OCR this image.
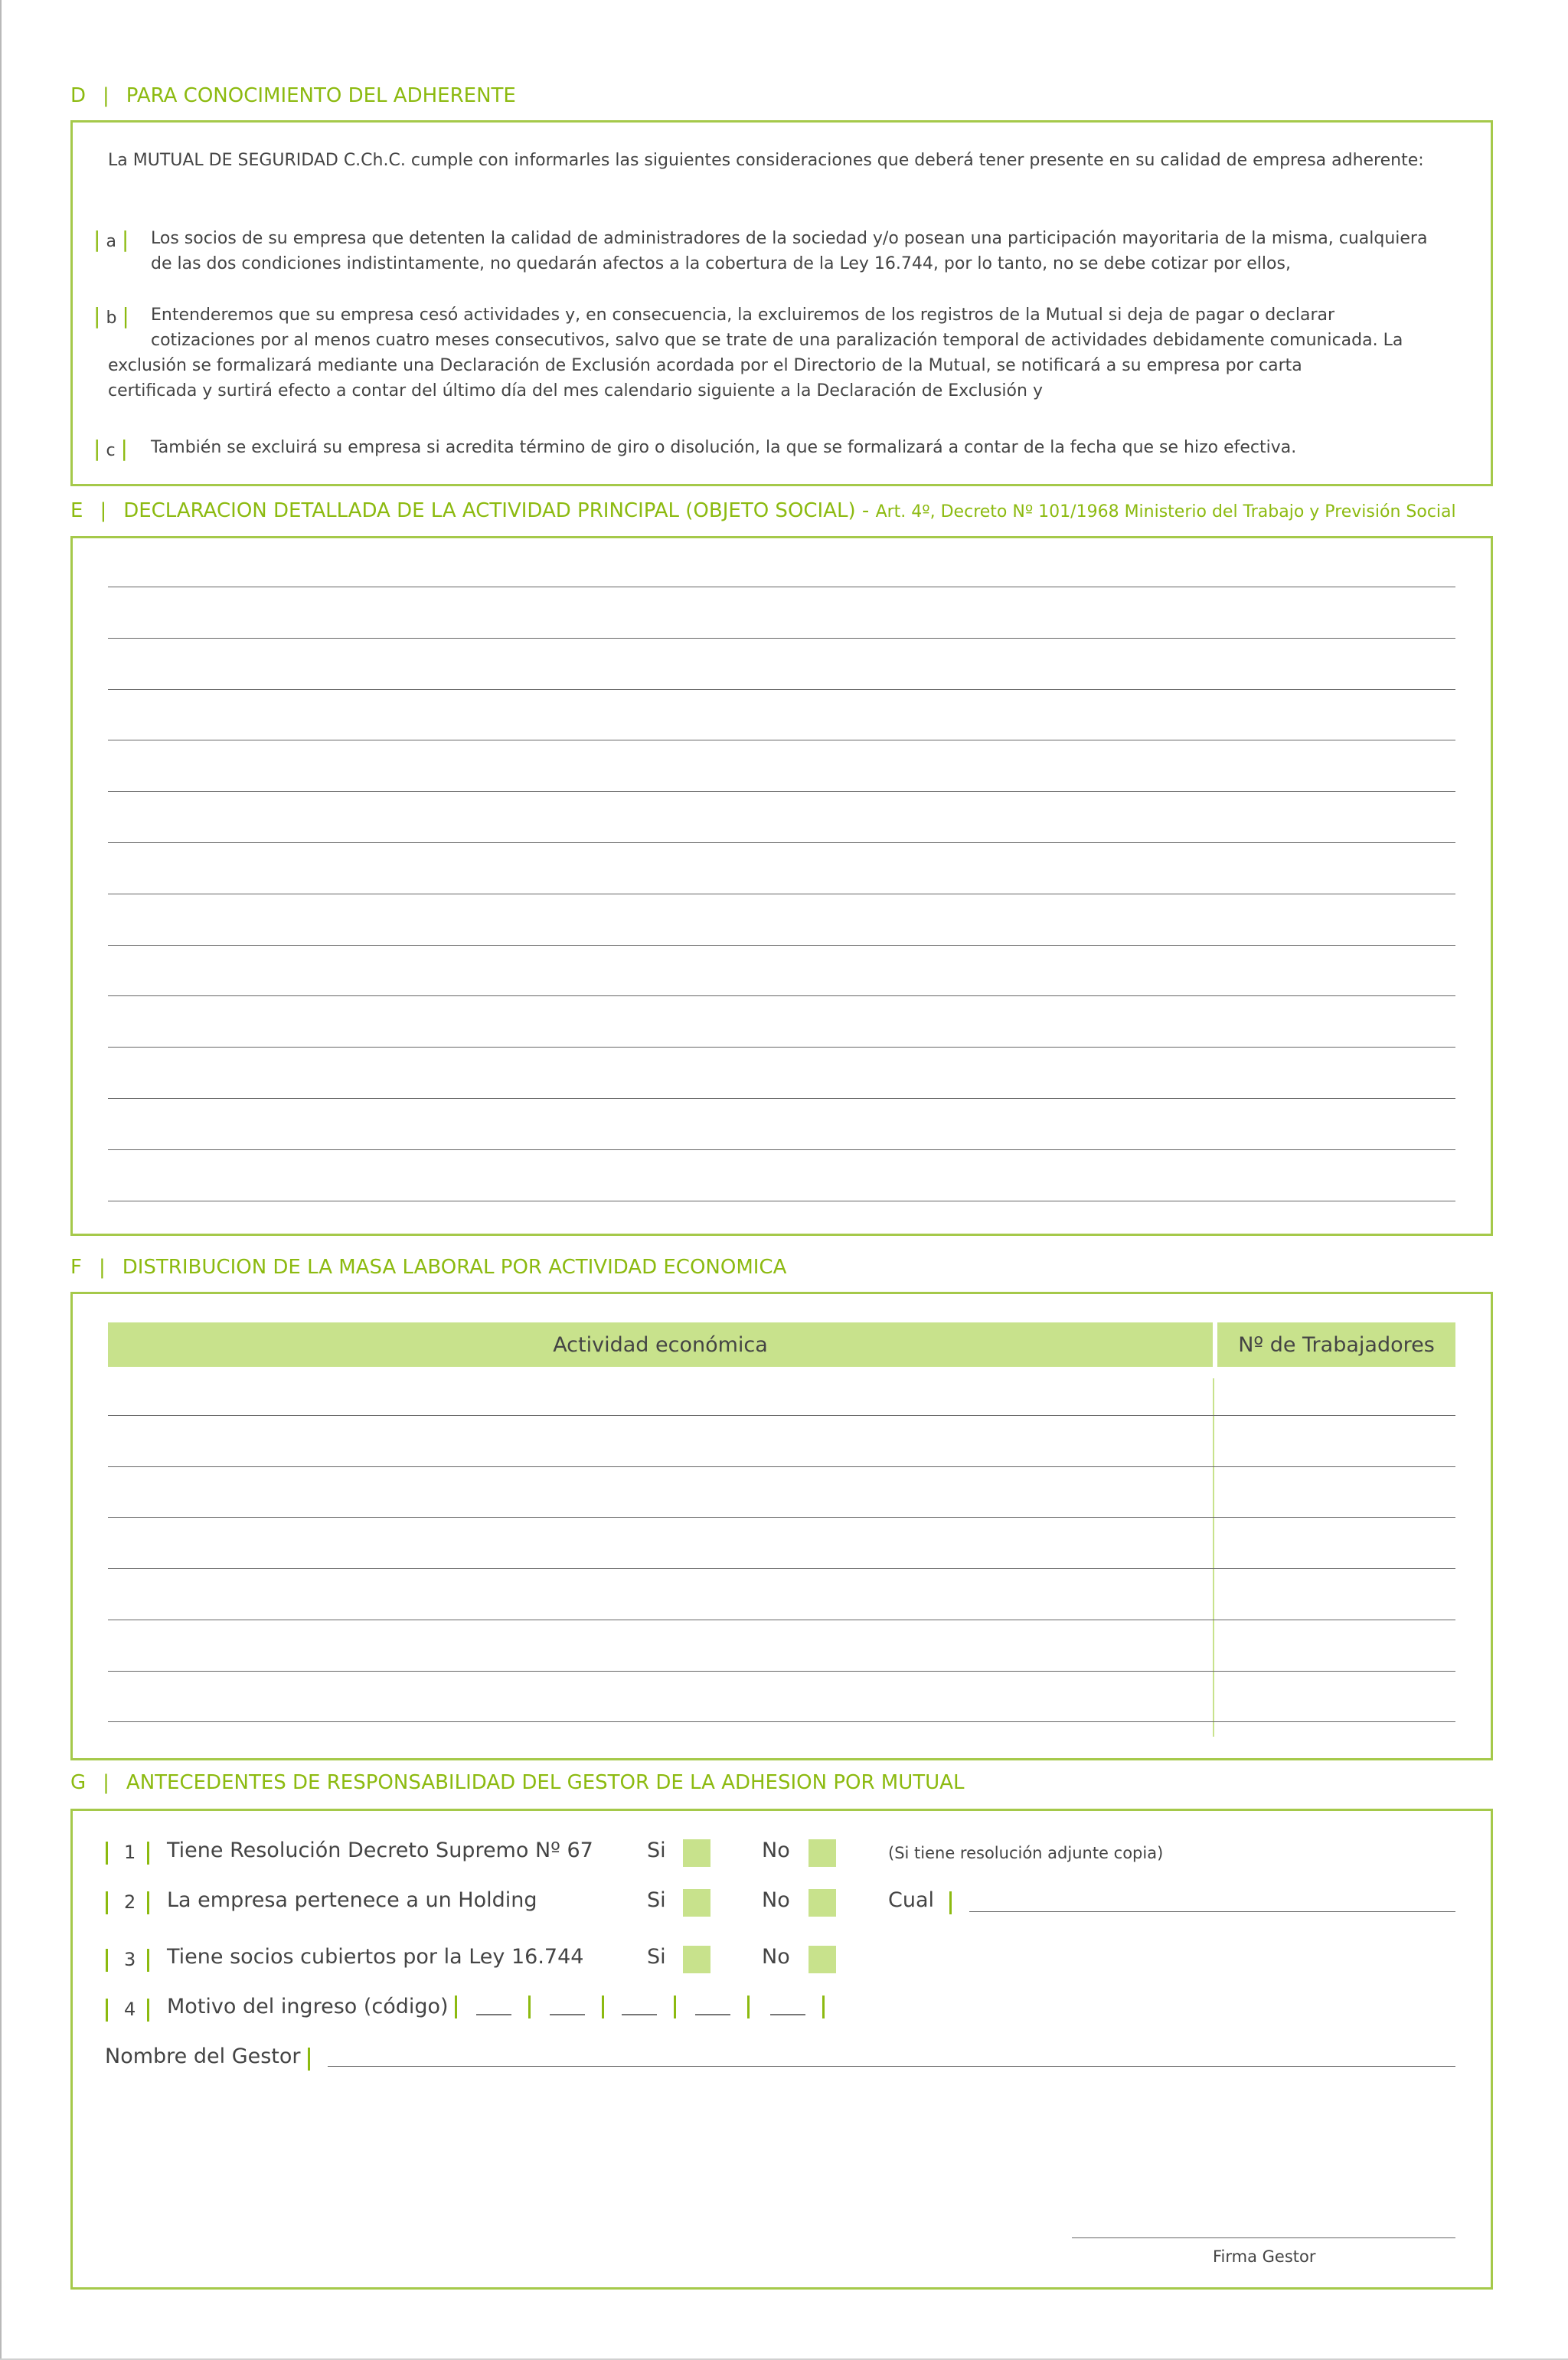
D | PARA CONOCIMIENTO DEL ADHERENTE
La MUTUAL DE SEGURIDAD C.Ch.C. cumple con informarles las siguientes consideraciones que deberá tener presente en su calidad de empresa adherente:
| a | Los socios de su empresa que detenten la calidad de administradores de la sociedad y/o posean una participación mayoritaria de la misma, cualquiera
de las dos condiciones indistintamente, no quedarán afectos a la cobertura de la Ley 16.744, por lo tanto, no se debe cotizar por ellos,
| b | Entenderemos que su empresa cesó actividades y, en consecuencia, la excluiremos de los registros de la Mutual si deja de pagar o declarar
cotizaciones por al menos cuatro meses consecutivos, salvo que se trate de una paralización temporal de actividades debidamente comunicada. La
exclusión se formalizará mediante una Declaración de Exclusión acordada por el Directorio de la Mutual, se notificará a su empresa por carta
certificada y surtirá efecto a contar del último día del mes calendario siguiente a la Declaración de Exclusión y
| c | También se excluirá su empresa si acredita término de giro o disolución, la que se formalizará a contar de la fecha que se hizo efectiva.
E | DECLARACION DETALLADA DE LA ACTIVIDAD PRINCIPAL (OBJETO SOCIAL) - Art. 4º, Decreto Nº 101/1968 Ministerio del Trabajo y Previsión Social
F | DISTRIBUCION DE LA MASA LABORAL POR ACTIVIDAD ECONOMICA
Actividad económica	Nº de Trabajadores
G | ANTECEDENTES DE RESPONSABILIDAD DEL GESTOR DE LA ADHESION POR MUTUAL
1 Tiene Resolución Decreto Supremo Nº 67	Si	No	(Si tiene resolución adjunte copia)
2 La empresa pertenece a un Holding	Si	No	Cual
3 Tiene socios cubiertos por la Ley 16.744	Si	No
4 Motivo del ingreso (código)
Nombre del Gestor
Firma Gestor
